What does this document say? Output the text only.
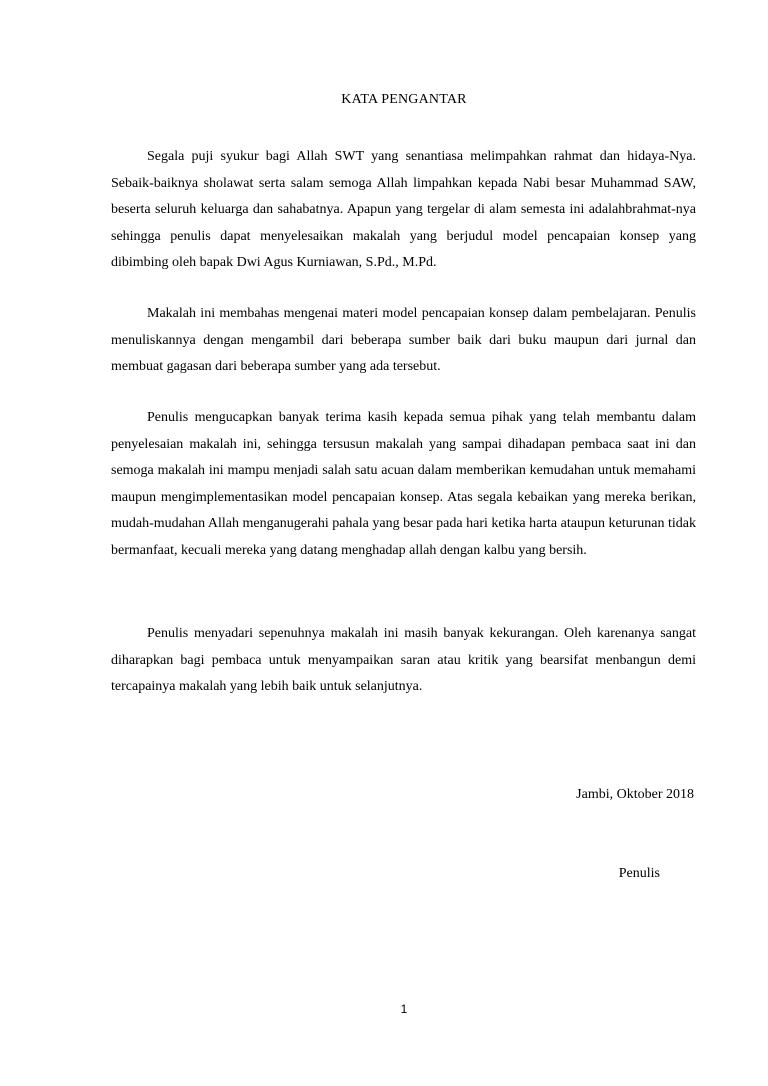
KATA PENGANTAR

Segala puji syukur bagi Allah SWT yang senantiasa melimpahkan rahmat dan hidaya-Nya. Sebaik-baiknya sholawat serta salam semoga Allah limpahkan kepada Nabi besar Muhammad SAW, beserta seluruh keluarga dan sahabatnya. Apapun yang tergelar di alam semesta ini adalahbrahmat-nya sehingga penulis dapat menyelesaikan makalah yang berjudul model pencapaian konsep yang dibimbing oleh bapak Dwi Agus Kurniawan, S.Pd., M.Pd.

Makalah ini membahas mengenai materi model pencapaian konsep dalam pembelajaran. Penulis menuliskannya dengan mengambil dari beberapa sumber baik dari buku maupun dari jurnal dan membuat gagasan dari beberapa sumber yang ada tersebut.

Penulis mengucapkan banyak terima kasih kepada semua pihak yang telah membantu dalam penyelesaian makalah ini, sehingga tersusun makalah yang sampai dihadapan pembaca saat ini dan semoga makalah ini mampu menjadi salah satu acuan dalam memberikan kemudahan untuk memahami maupun mengimplementasikan model pencapaian konsep. Atas segala kebaikan yang mereka berikan, mudah-mudahan Allah menganugerahi pahala yang besar pada hari ketika harta ataupun keturunan tidak bermanfaat, kecuali mereka yang datang menghadap allah dengan kalbu yang bersih.

Penulis menyadari sepenuhnya makalah ini masih banyak kekurangan. Oleh karenanya sangat diharapkan bagi pembaca untuk menyampaikan saran atau kritik yang bearsifat menbangun demi tercapainya makalah yang lebih baik untuk selanjutnya.

Jambi, Oktober 2018
Penulis
1
